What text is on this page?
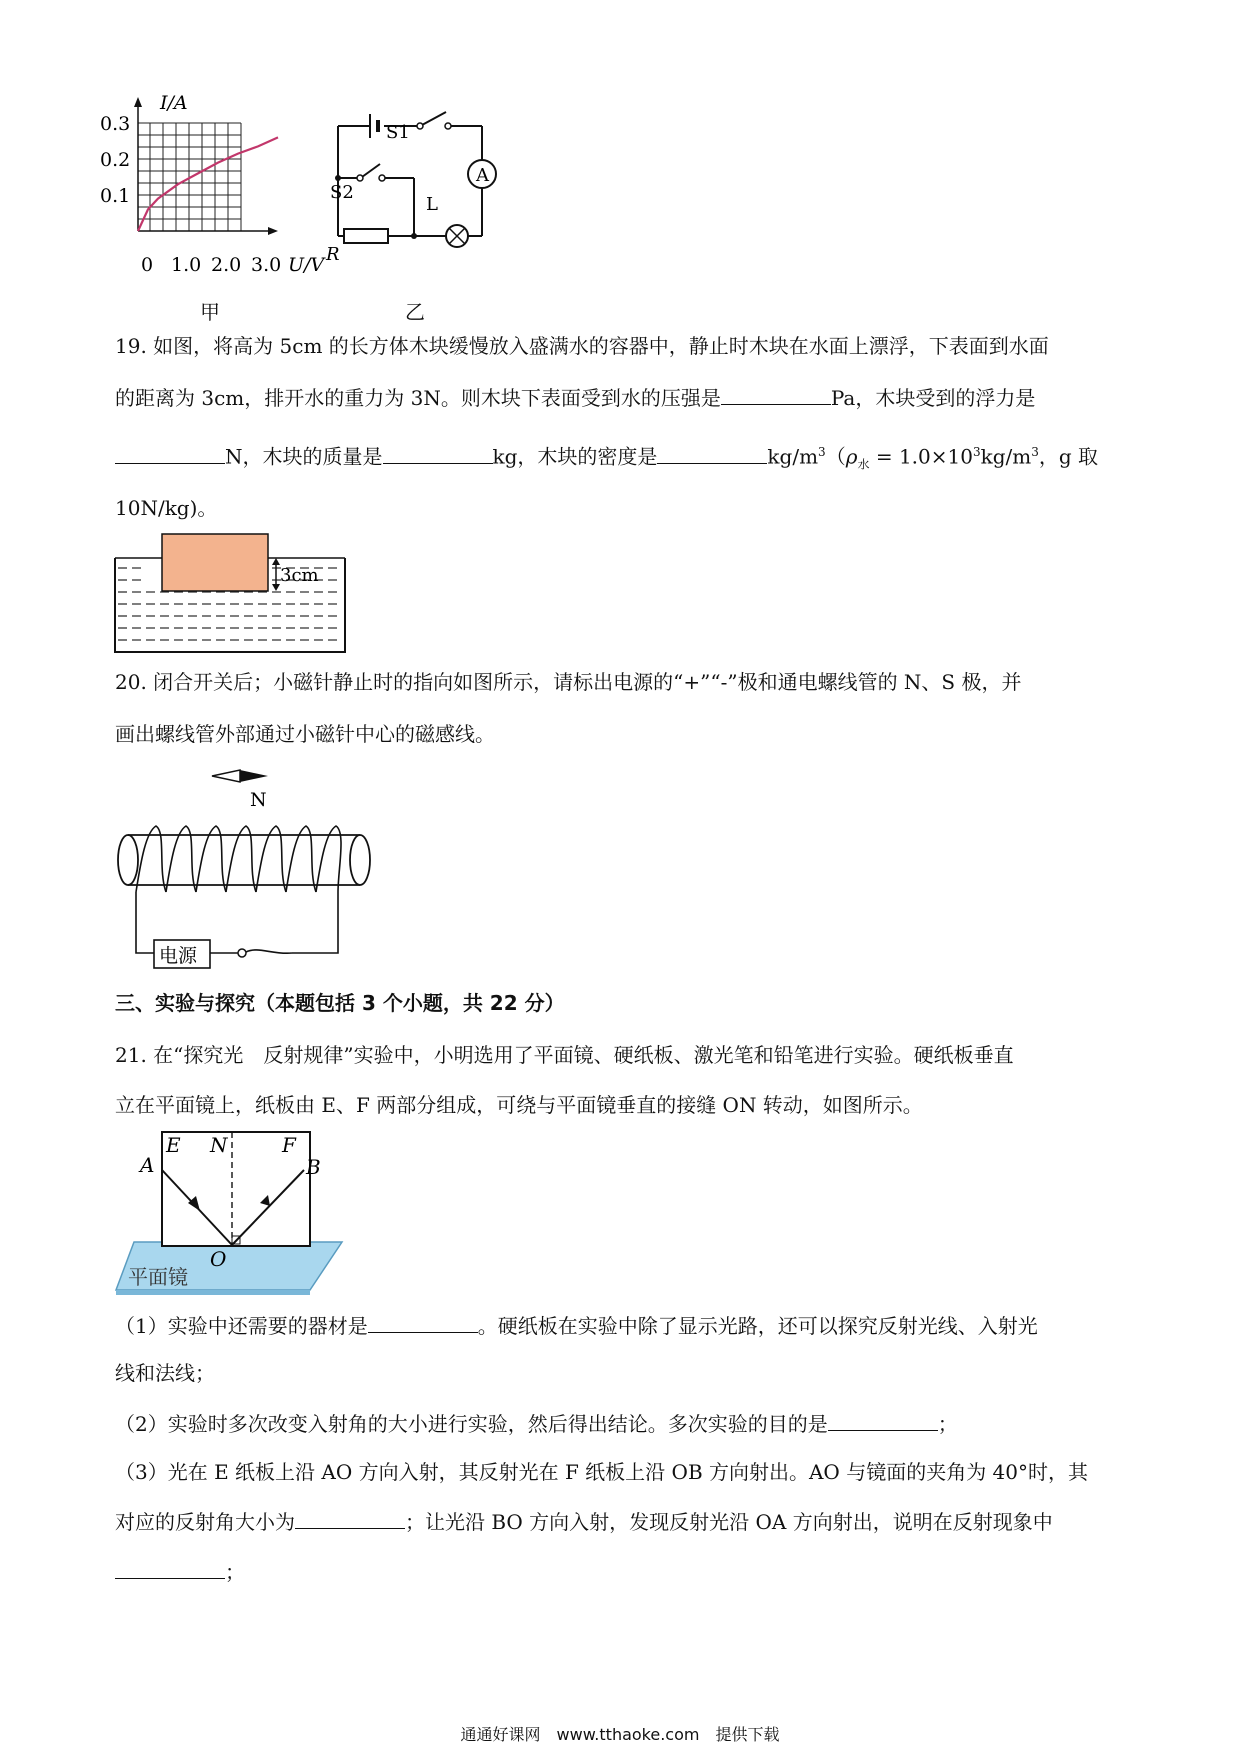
I/A
0.3
0.2
0.1
0 1.0 2.0 3.0 U/V
甲
A
S1
S2
L
R
乙
19. 如图，将高为 5cm 的长方体木块缓慢放入盛满水的容器中，静止时木块在水面上漂浮，下表面到水面
的距离为 3cm，排开水的重力为 3N。则木块下表面受到水的压强是	Pa，木块受到的浮力是
N，木块的质量是	kg，木块的密度是	$kg/m^3(\rho_水 = 1.0\times 10^3kg/m^3$，g 取
10N/kg)。
3cm
20. 闭合开关后；小磁针静止时的指向如图所示，请标出电源的“+”“-”极和通电螺线管的 N、S 极，并
画出螺线管外部通过小磁针中心的磁感线。
N
电源
三、实验与探究（本题包括 3 个小题，共 22 分）
21. 在“探究光　反射规律”实验中，小明选用了平面镜、硬纸板、激光笔和铅笔进行实验。硬纸板垂直
立在平面镜上，纸板由 E、F 两部分组成，可绕与平面镜垂直的接缝 ON 转动，如图所示。
A
E N	F
B
O
平面镜
（1）实验中还需要的器材是	。硬纸板在实验中除了显示光路，还可以探究反射光线、入射光
线和法线；
（2）实验时多次改变入射角的大小进行实验，然后得出结论。多次实验的目的是	；
（3）光在 E 纸板上沿 AO 方向入射，其反射光在 F 纸板上沿 OB 方向射出。AO 与镜面的夹角为 40°时，其
对应的反射角大小为	；让光沿 BO 方向入射，发现反射光沿 OA 方向射出，说明在反射现象中
；
通通好课网　www.tthaoke.com　提供下载
